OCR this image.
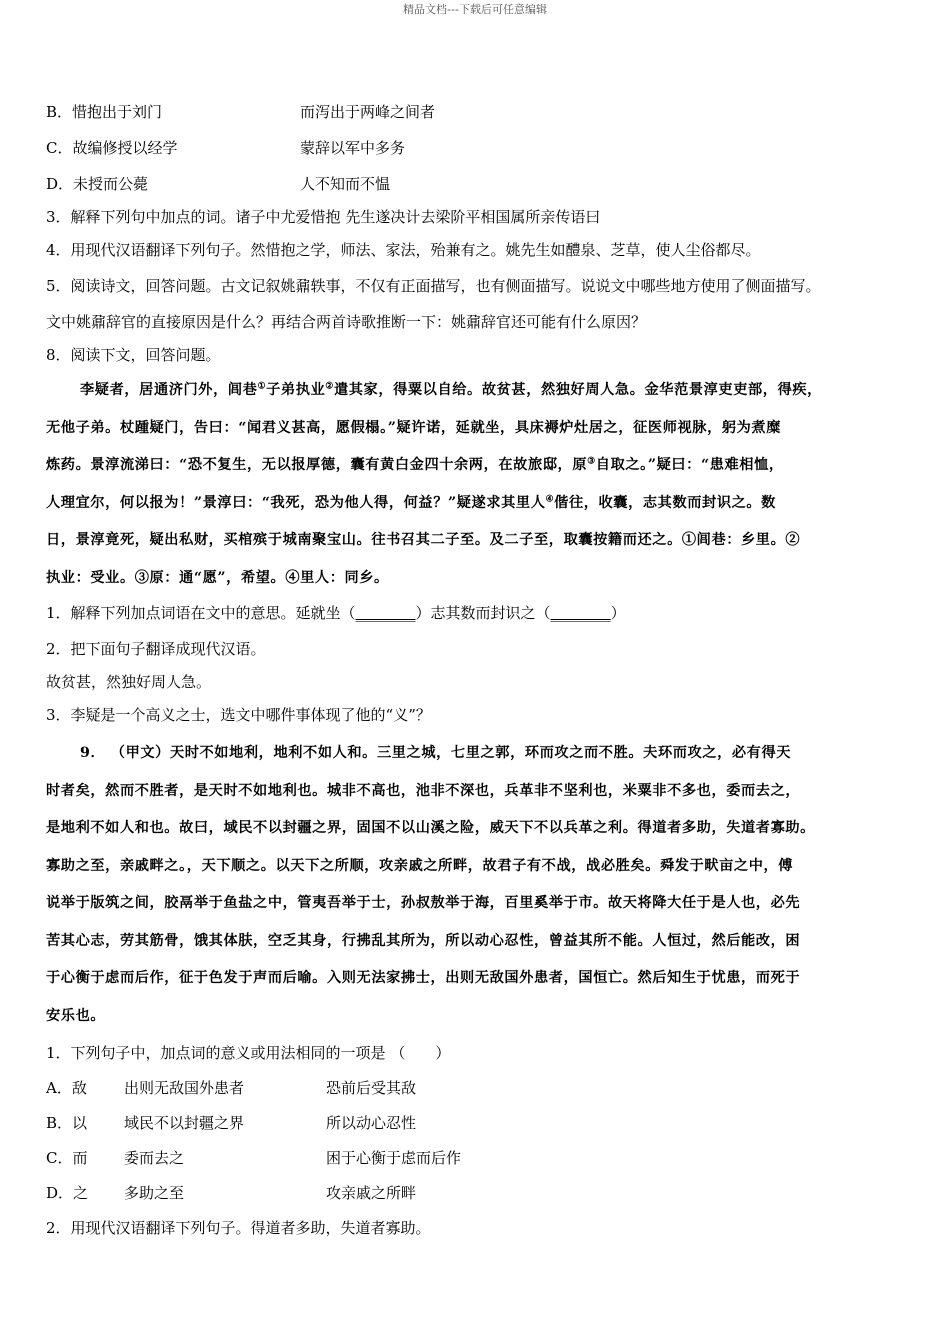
精品文档---下载后可任意编辑
B．惜抱出于刘门	而泻出于两峰之间者
C．故编修授以经学	蒙辞以军中多务
D．未授而公薨	人不知而不愠
3．解释下列句中加点的词。诸子中尤爱惜抱 先生遂决计去梁阶平相国属所亲传语曰
4．用现代汉语翻译下列句子。然惜抱之学，师法、家法，殆兼有之。姚先生如醴泉、芝草，使人尘俗都尽。
5．阅读诗文，回答问题。古文记叙姚鼐轶事，不仅有正面描写，也有侧面描写。说说文中哪些地方使用了侧面描写。
文中姚鼐辞官的直接原因是什么？再结合两首诗歌推断一下：姚鼐辞官还可能有什么原因？
8．阅读下文，回答问题。
李疑者，居通济门外，闾巷①子弟执业②遣其家，得粟以自给。故贫甚，然独好周人急。金华范景淳吏吏部，得疾，
无他子弟。杖踵疑门，告曰：“闻君义甚高，愿假榻。”疑许诺，延就坐，具床褥炉灶居之，征医师视脉，躬为煮糜
炼药。景淳流涕曰：“恐不复生，无以报厚德，囊有黄白金四十余两，在故旅邸，原③自取之。”疑曰：“患难相恤，
人理宜尔，何以报为！”景淳曰：“我死，恐为他人得，何益？”疑遂求其里人④偕往，收囊，志其数而封识之。数
日，景淳竟死，疑出私财，买棺殡于城南聚宝山。往书召其二子至。及二子至，取囊按籍而还之。①闾巷：乡里。②
执业：受业。③原：通“愿”，希望。④里人：同乡。
1．解释下列加点词语在文中的意思。延就坐（________）志其数而封识之（________）
2．把下面句子翻译成现代汉语。
故贫甚，然独好周人急。
3．李疑是一个高义之士，选文中哪件事体现了他的“义”？
9． （甲文）天时不如地利，地利不如人和。三里之城，七里之郭，环而攻之而不胜。夫环而攻之，必有得天
时者矣，然而不胜者，是天时不如地利也。城非不高也，池非不深也，兵革非不坚利也，米粟非不多也，委而去之，
是地利不如人和也。故曰，域民不以封疆之界，固国不以山溪之险，威天下不以兵革之利。得道者多助，失道者寡助。
寡助之至，亲戚畔之。，天下顺之。以天下之所顺，攻亲戚之所畔，故君子有不战，战必胜矣。舜发于畎亩之中，傅
说举于版筑之间，胶鬲举于鱼盐之中，管夷吾举于士，孙叔敖举于海，百里奚举于市。故天将降大任于是人也，必先
苦其心志，劳其筋骨，饿其体肤，空乏其身，行拂乱其所为，所以动心忍性，曾益其所不能。人恒过，然后能改，困
于心衡于虑而后作，征于色发于声而后喻。入则无法家拂士，出则无敌国外患者，国恒亡。然后知生于忧患，而死于
安乐也。
1．下列句子中，加点词的意义或用法相同的一项是 （　　）
A．敌	出则无敌国外患者	恐前后受其敌
B．以	域民不以封疆之界	所以动心忍性
C．而	委而去之	困于心衡于虑而后作
D．之	多助之至	攻亲戚之所畔
2．用现代汉语翻译下列句子。得道者多助，失道者寡助。
